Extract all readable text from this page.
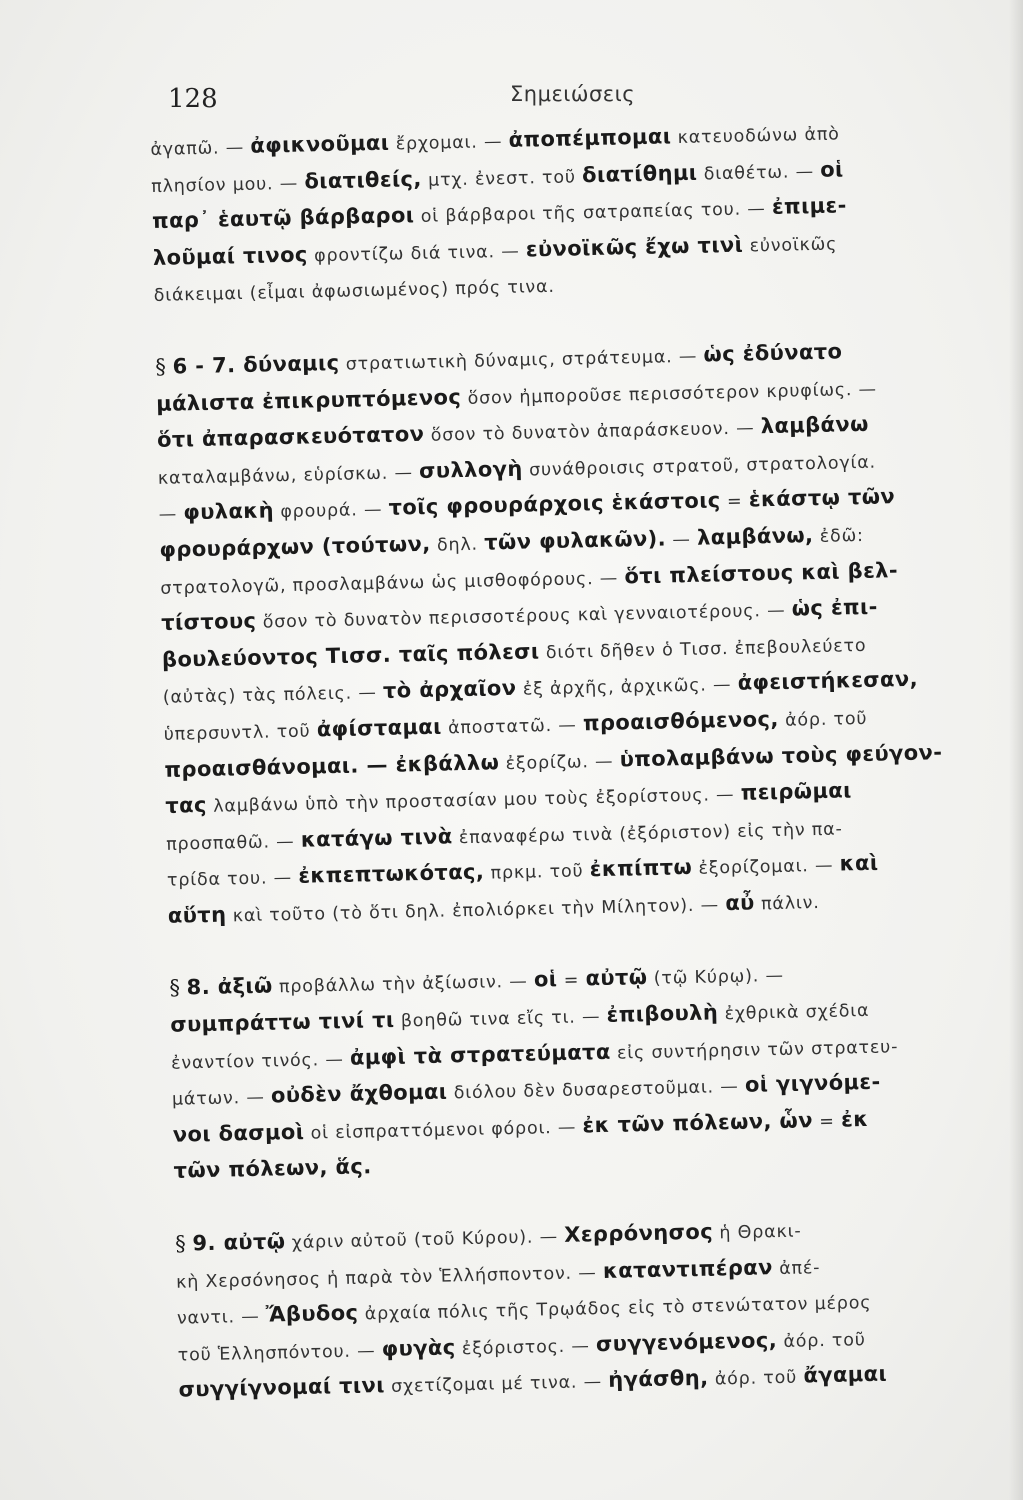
128	Σημειώσεις
ἀγαπῶ. — ἀφικνοῦμαι ἔρχομαι. — ἀποπέμπομαι κατευοδώνω ἀπὸ
πλησίον μου. — διατιθείς, μτχ. ἐνεστ. τοῦ διατίθημι διαθέτω. — οἱ
παρ᾽ ἑαυτῷ βάρβαροι οἱ βάρβαροι τῆς σατραπείας του. — ἐπιμε-
λοῦμαί τινος φροντίζω διά τινα. — εὐνοϊκῶς ἔχω τινὶ εὐνοϊκῶς
διάκειμαι (εἶμαι ἀφωσιωμένος) πρός τινα.
§ 6 - 7. δύναμις στρατιωτικὴ δύναμις, στράτευμα. — ὡς ἐδύνατο
μάλιστα ἐπικρυπτόμενος ὅσον ἠμποροῦσε περισσότερον κρυφίως. —
ὅτι ἀπαρασκευότατον ὅσον τὸ δυνατὸν ἀπαράσκευον. — λαμβάνω
καταλαμβάνω, εὑρίσκω. — συλλογὴ συνάθροισις στρατοῦ, στρατολογία.
— φυλακὴ φρουρά. — τοῖς φρουράρχοις ἑκάστοις = ἑκάστῳ τῶν
φρουράρχων (τούτων, δηλ. τῶν φυλακῶν). — λαμβάνω, ἐδῶ:
στρατολογῶ, προσλαμβάνω ὡς μισθοφόρους. — ὅτι πλείστους καὶ βελ-
τίστους ὅσον τὸ δυνατὸν περισσοτέρους καὶ γενναιοτέρους. — ὡς ἐπι-
βουλεύοντος Τισσ. ταῖς πόλεσι διότι δῆθεν ὁ Τισσ. ἐπεβουλεύετο
(αὐτὰς) τὰς πόλεις. — τὸ ἀρχαῖον ἐξ ἀρχῆς, ἀρχικῶς. — ἀφειστήκεσαν,
ὑπερσυντλ. τοῦ ἀφίσταμαι ἀποστατῶ. — προαισθόμενος, ἀόρ. τοῦ
προαισθάνομαι. — ἐκβάλλω ἐξορίζω. — ὑπολαμβάνω τοὺς φεύγον-
τας λαμβάνω ὑπὸ τὴν προστασίαν μου τοὺς ἐξορίστους. — πειρῶμαι
προσπαθῶ. — κατάγω τινὰ ἐπαναφέρω τινὰ (ἐξόριστον) εἰς τὴν πα-
τρίδα του. — ἐκπεπτωκότας, πρκμ. τοῦ ἐκπίπτω ἐξορίζομαι. — καὶ
αὕτη καὶ τοῦτο (τὸ ὅτι δηλ. ἐπολιόρκει τὴν Μίλητον). — αὖ πάλιν.
§ 8. ἀξιῶ προβάλλω τὴν ἀξίωσιν. — οἱ = αὐτῷ (τῷ Κύρῳ). —
συμπράττω τινί τι βοηθῶ τινα εἴς τι. — ἐπιβουλὴ ἐχθρικὰ σχέδια
ἐναντίον τινός. — ἀμφὶ τὰ στρατεύματα εἰς συντήρησιν τῶν στρατευ-
μάτων. — οὐδὲν ἄχθομαι διόλου δὲν δυσαρεστοῦμαι. — οἱ γιγνόμε-
νοι δασμοὶ οἱ εἰσπραττόμενοι φόροι. — ἐκ τῶν πόλεων, ὧν = ἐκ
τῶν πόλεων, ἅς.
§ 9. αὐτῷ χάριν αὐτοῦ (τοῦ Κύρου). — Χερρόνησος ἡ Θρακι-
κὴ Χερσόνησος ἡ παρὰ τὸν Ἑλλήσποντον. — καταντιπέραν ἀπέ-
ναντι. — Ἄβυδος ἀρχαία πόλις τῆς Τρῳάδος εἰς τὸ στενώτατον μέρος
τοῦ Ἑλλησπόντου. — φυγὰς ἐξόριστος. — συγγενόμενος, ἀόρ. τοῦ
συγγίγνομαί τινι σχετίζομαι μέ τινα. — ἠγάσθη, ἀόρ. τοῦ ἄγαμαι
